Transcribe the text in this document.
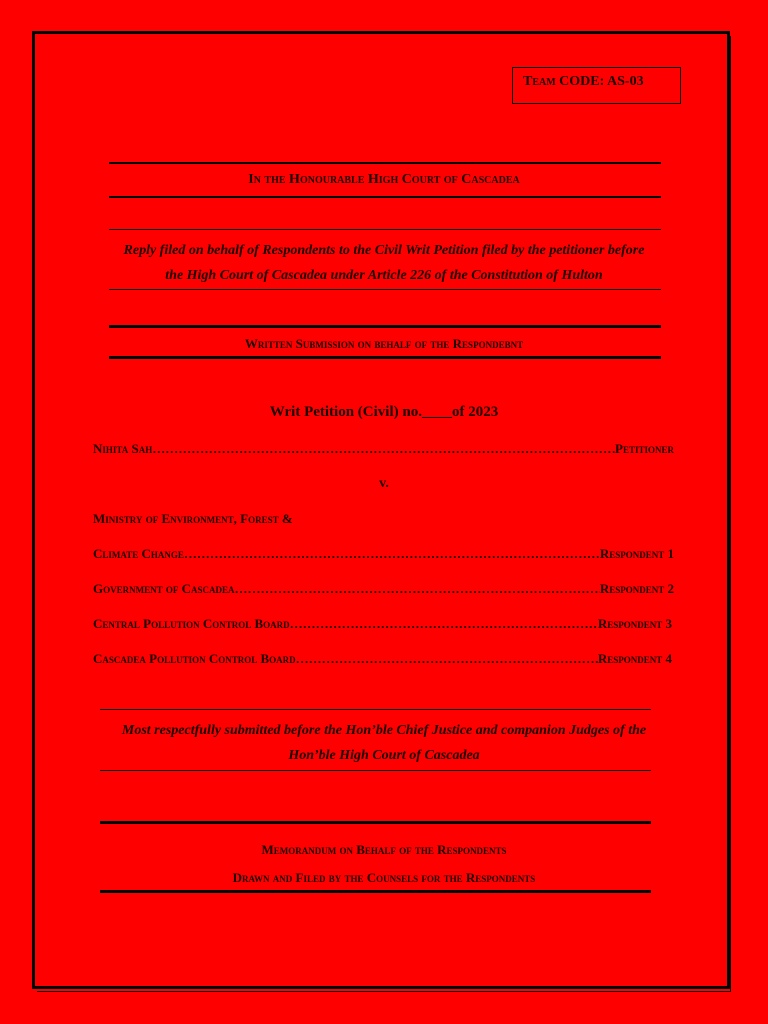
Team CODE: AS-03
In the Honourable High Court of Cascadea
Reply filed on behalf of Respondents to the Civil Writ Petition filed by the petitioner before
the High Court of Cascadea under Article 226 of the Constitution of Hulton
Written Submission on behalf of the Respondebnt
Writ Petition (Civil) no.____of 2023
Nihita Sah …………………………………………………………………………………………………………………………………………	Petitioner
v.
Ministry of Environment, Forest &
Climate Change …………………………………………………………………………………………………………………………………………	Respondent 1
Government of Cascadea …………………………………………………………………………………………………………………………………………	Respondent 2
Central Pollution Control Board …………………………………………………………………………………………………………………………………………	Respondent 3
Cascadea Pollution Control Board …………………………………………………………………………………………………………………………………………	Respondent 4
Most respectfully submitted before the Hon’ble Chief Justice and companion Judges of the
Hon’ble High Court of Cascadea
Memorandum on Behalf of the Respondents
Drawn and Filed by the Counsels for the Respondents
